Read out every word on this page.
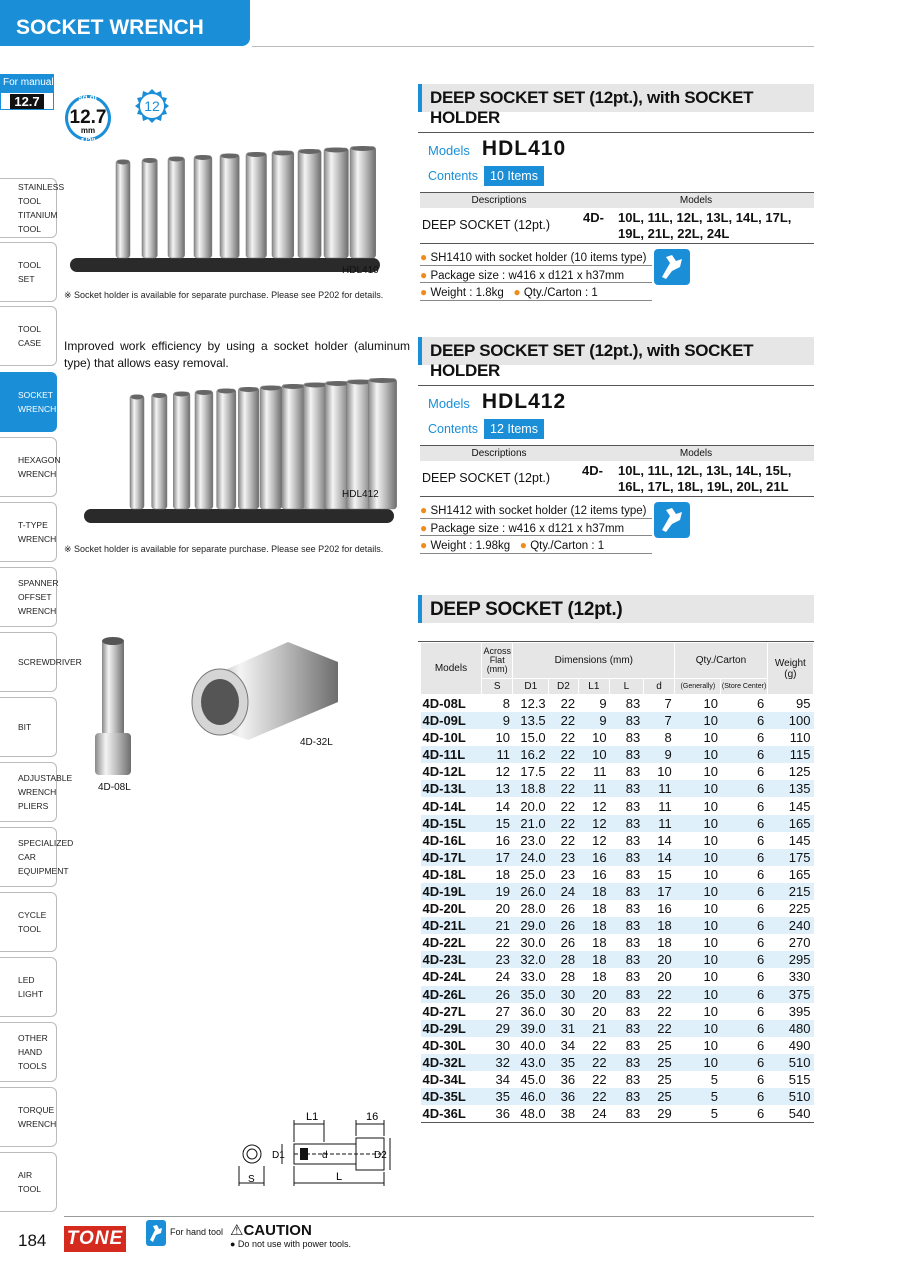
SOCKET WRENCH
For manual
12.7
STAINLESS TOOL TITANIUM TOOL
TOOL SET
TOOL CASE
SOCKET WRENCH
HEXAGON WRENCH
T-TYPE WRENCH
SPANNER OFFSET WRENCH
SCREWDRIVER
BIT
ADJUSTABLE WRENCH PLIERS
SPECIALIZED CAR EQUIPMENT
CYCLE TOOL
LED LIGHT
OTHER HAND TOOLS
TORQUE WRENCH
AIR TOOL
sq.dr
12.7
mm
1/2"
12
HDL410
※ Socket holder is available for separate purchase. Please see P202 for details.
Improved work efficiency by using a socket holder (aluminum type) that allows easy removal.
HDL412
※ Socket holder is available for separate purchase. Please see P202 for details.
4D-08L
4D-32L
L1	16
D1	d	D2
S	L
DEEP SOCKET SET (12pt.), with SOCKET HOLDER
Models HDL410
Contents 10 Items
Descriptions	Models
DEEP SOCKET (12pt.)	4D-	10L, 11L, 12L, 13L, 14L, 17L,
19L, 21L, 22L, 24L
● SH1410 with socket holder (10 items type)
● Package size : w416 x d121 x h37mm
● Weight : 1.8kg ● Qty./Carton : 1
DEEP SOCKET SET (12pt.), with SOCKET HOLDER
Models HDL412
Contents 12 Items
Descriptions	Models
DEEP SOCKET (12pt.)	4D-	10L, 11L, 12L, 13L, 14L, 15L,
16L, 17L, 18L, 19L, 20L, 21L
● SH1412 with socket holder (12 items type)
● Package size : w416 x d121 x h37mm
● Weight : 1.98kg ● Qty./Carton : 1
DEEP SOCKET (12pt.)
Models	Across Flat (mm)	Dimensions (mm)					Qty./Carton		Weight (g)
	S	D1	D2	L1	L	d	(Generally)	(Store Center)	
4D-08L	8	12.3	22	9	83	7	10	6	95
4D-09L	9	13.5	22	9	83	7	10	6	100
4D-10L	10	15.0	22	10	83	8	10	6	110
4D-11L	11	16.2	22	10	83	9	10	6	115
4D-12L	12	17.5	22	11	83	10	10	6	125
4D-13L	13	18.8	22	11	83	11	10	6	135
4D-14L	14	20.0	22	12	83	11	10	6	145
4D-15L	15	21.0	22	12	83	11	10	6	165
4D-16L	16	23.0	22	12	83	14	10	6	145
4D-17L	17	24.0	23	16	83	14	10	6	175
4D-18L	18	25.0	23	16	83	15	10	6	165
4D-19L	19	26.0	24	18	83	17	10	6	215
4D-20L	20	28.0	26	18	83	16	10	6	225
4D-21L	21	29.0	26	18	83	18	10	6	240
4D-22L	22	30.0	26	18	83	18	10	6	270
4D-23L	23	32.0	28	18	83	20	10	6	295
4D-24L	24	33.0	28	18	83	20	10	6	330
4D-26L	26	35.0	30	20	83	22	10	6	375
4D-27L	27	36.0	30	20	83	22	10	6	395
4D-29L	29	39.0	31	21	83	22	10	6	480
4D-30L	30	40.0	34	22	83	25	10	6	490
4D-32L	32	43.0	35	22	83	25	10	6	510
4D-34L	34	45.0	36	22	83	25	5	6	515
4D-35L	35	46.0	36	22	83	25	5	6	510
4D-36L	36	48.0	38	24	83	29	5	6	540
184 TONE	For hand tool ⚠CAUTION
● Do not use with power tools.
